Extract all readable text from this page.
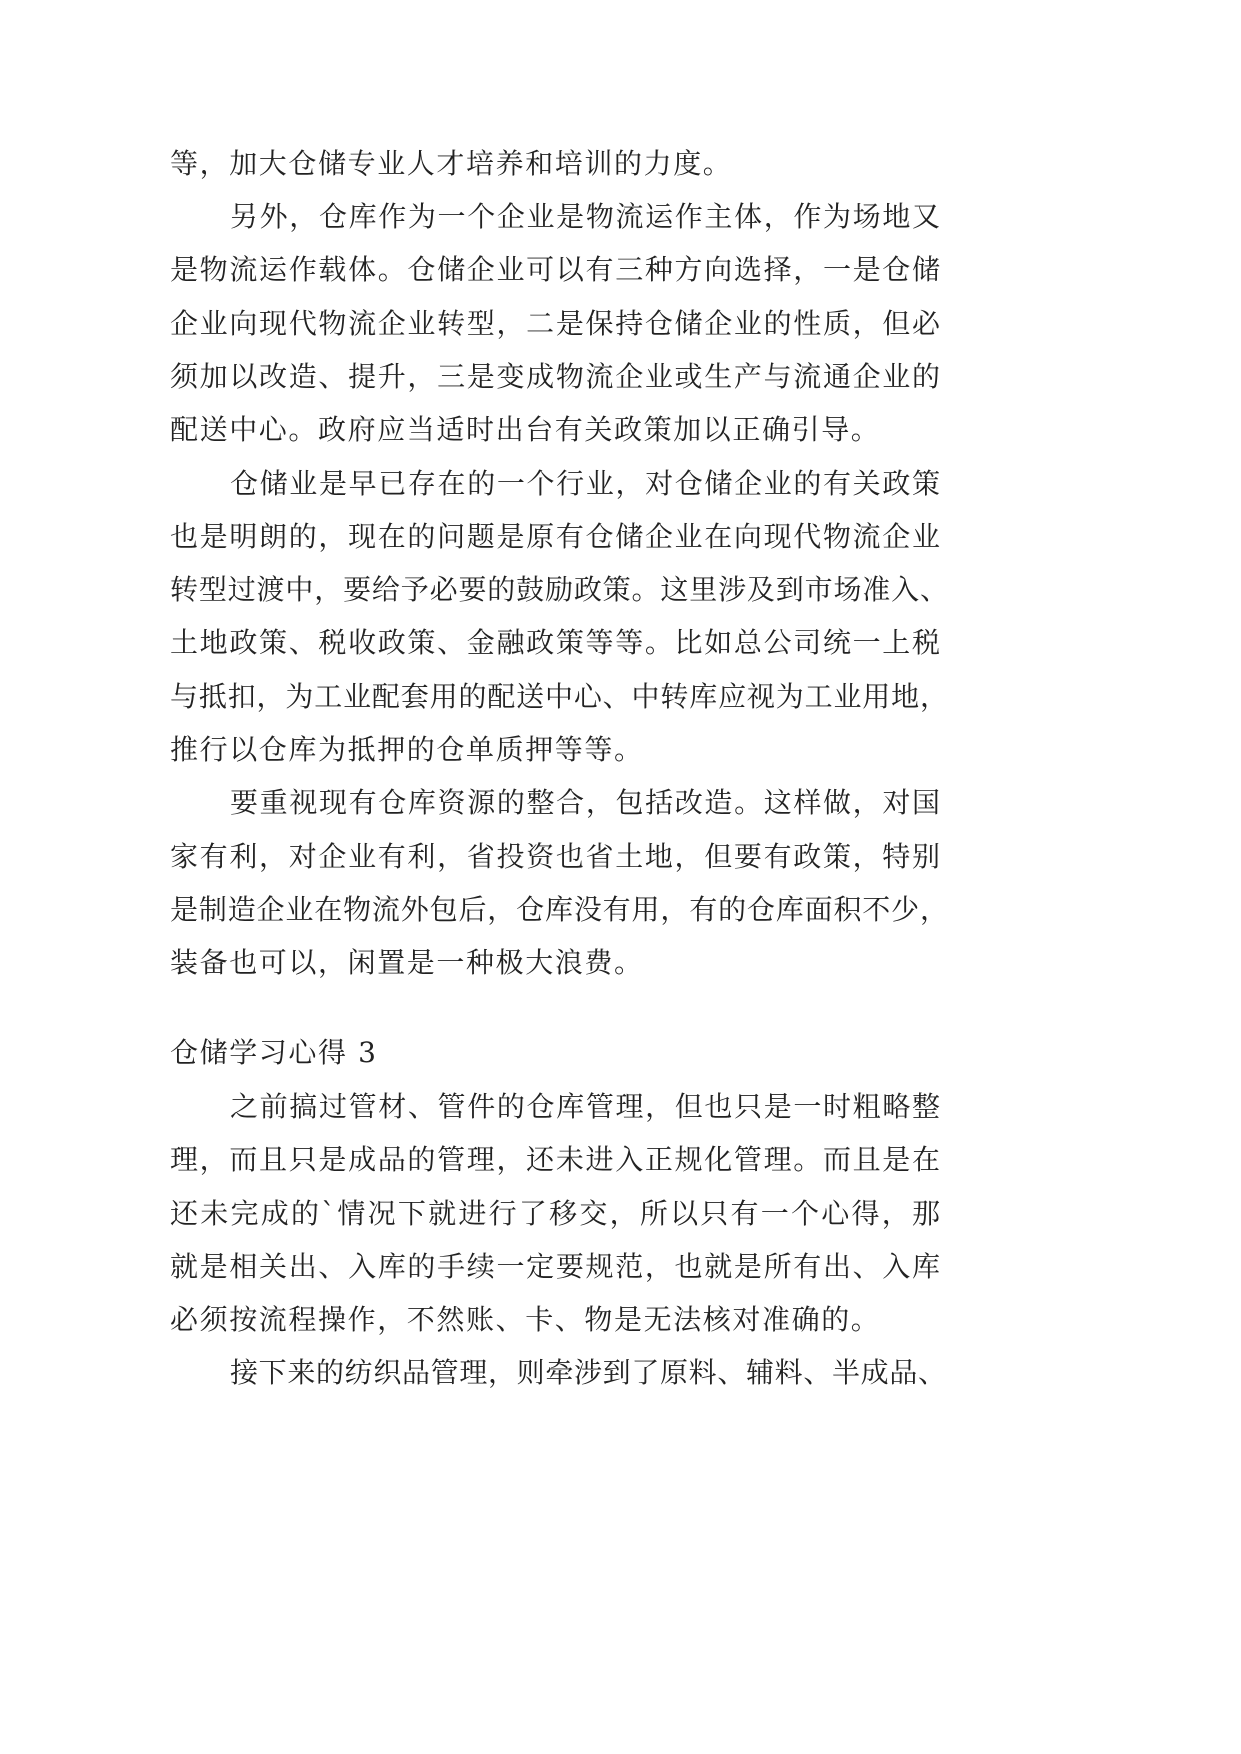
等，加大仓储专业人才培养和培训的力度。
另外，仓库作为一个企业是物流运作主体，作为场地又
是物流运作载体。仓储企业可以有三种方向选择，一是仓储
企业向现代物流企业转型，二是保持仓储企业的性质，但必
须加以改造、提升，三是变成物流企业或生产与流通企业的
配送中心。政府应当适时出台有关政策加以正确引导。
仓储业是早已存在的一个行业，对仓储企业的有关政策
也是明朗的，现在的问题是原有仓储企业在向现代物流企业
转型过渡中，要给予必要的鼓励政策。这里涉及到市场准入、
土地政策、税收政策、金融政策等等。比如总公司统一上税
与抵扣，为工业配套用的配送中心、中转库应视为工业用地，
推行以仓库为抵押的仓单质押等等。
要重视现有仓库资源的整合，包括改造。这样做，对国
家有利，对企业有利，省投资也省土地，但要有政策，特别
是制造企业在物流外包后，仓库没有用，有的仓库面积不少，
装备也可以，闲置是一种极大浪费。
仓储学习心得 3
之前搞过管材、管件的仓库管理，但也只是一时粗略整
理，而且只是成品的管理，还未进入正规化管理。而且是在
还未完成的`情况下就进行了移交，所以只有一个心得，那
就是相关出、入库的手续一定要规范，也就是所有出、入库
必须按流程操作，不然账、卡、物是无法核对准确的。
接下来的纺织品管理，则牵涉到了原料、辅料、半成品、
